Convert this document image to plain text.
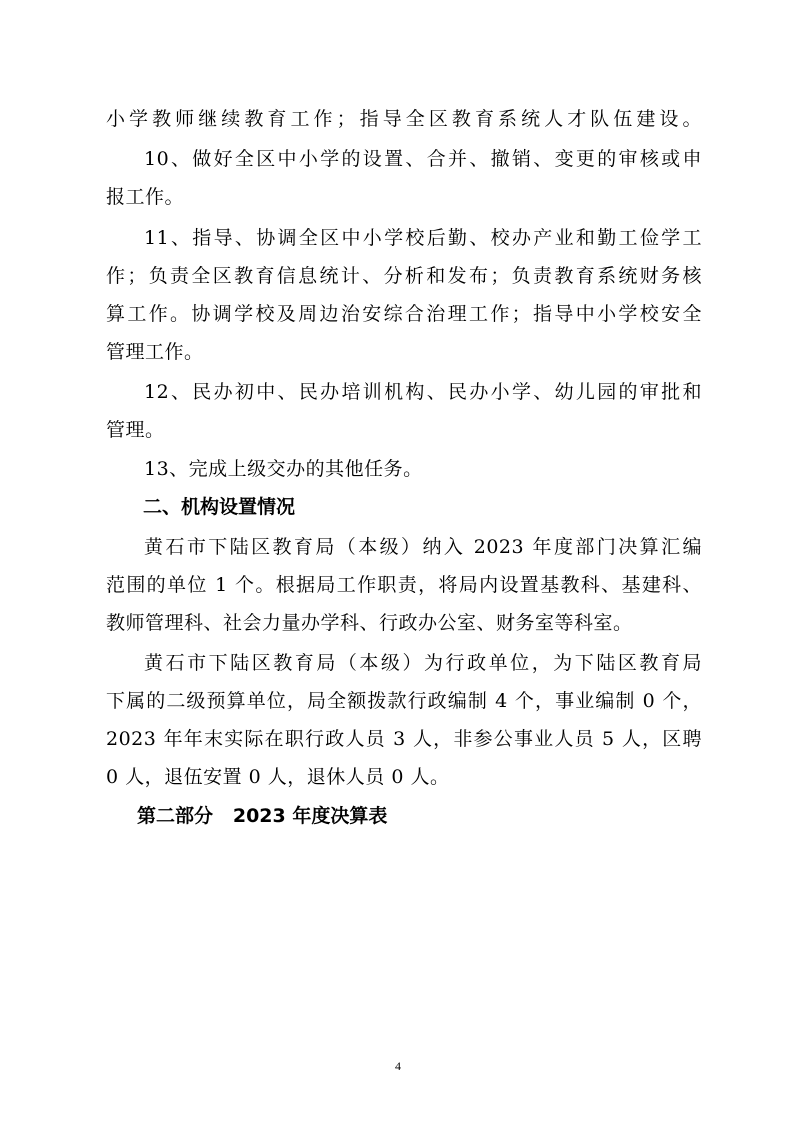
小学教师继续教育工作；指导全区教育系统人才队伍建设。
10、做好全区中小学的设置、合并、撤销、变更的审核或申
报工作。
11、指导、协调全区中小学校后勤、校办产业和勤工俭学工
作；负责全区教育信息统计、分析和发布；负责教育系统财务核
算工作。协调学校及周边治安综合治理工作；指导中小学校安全
管理工作。
12、民办初中、民办培训机构、民办小学、幼儿园的审批和
管理。
13、完成上级交办的其他任务。
二、机构设置情况
黄石市下陆区教育局（本级）纳入 2023 年度部门决算汇编
范围的单位 1 个。根据局工作职责，将局内设置基教科、基建科、
教师管理科、社会力量办学科、行政办公室、财务室等科室。
黄石市下陆区教育局（本级）为行政单位，为下陆区教育局
下属的二级预算单位，局全额拨款行政编制 4 个，事业编制 0 个，
2023 年年末实际在职行政人员 3 人，非参公事业人员 5 人，区聘
0 人，退伍安置 0 人，退休人员 0 人。
第二部分   2023 年度决算表
4
